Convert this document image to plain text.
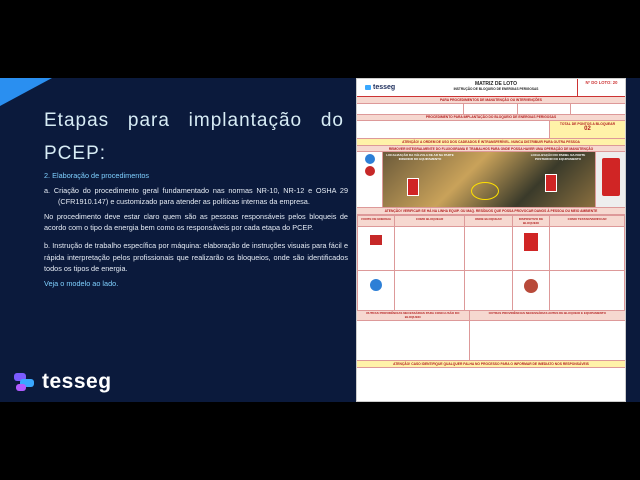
Etapas para implantação do PCEP:

2. Elaboração de procedimentos

a. Criação do procedimento geral fundamentado nas normas NR-10, NR-12 e OSHA 29 (CFR1910.147) e customizado para atender as políticas internas da empresa.

No procedimento deve estar claro quem são as pessoas responsáveis pelos bloqueis de acordo com o tipo da energia bem como os responsáveis por cada etapa do PCEP.

b. Instrução de trabalho específica por máquina: elaboração de instruções visuais para fácil e rápida interpretação pelos profissionais que realizarão os bloqueios, onde são identificados todos os tipos de energia.

Veja o modelo ao lado.

tesseg
tesseg	MATRIZ DE LOTO
INSTRUÇÃO DE BLOQUEIO DE ENERGIAS PERIGOSAS
Nº DO LOTO: 20
PARA PROCEDIMENTOS DE MANUTENÇÃO OU INTERVENÇÕES
PROCEDIMENTO PARA IMPLANTAÇÃO DO BLOQUEIO DE ENERGIAS PERIGOSAS
TOTAL DE PONTOS A BLOQUEAR
02
ATENÇÃO! A ORDEM DE USO DOS CADEADOS É INTRANSFERÍVEL. NUNCA DISTRIBUIR PARA OUTRA PESSOA
REMOVER INTEGRALMENTE DO FLUXOGRAMA E TRABALHOS PARA ONDE POSSA HAVER UMA OPERAÇÃO DE MANUTENÇÃO
LOCALIZAÇÃO DA VÁLVULA DE AR NA PARTE INFERIOR DO EQUIPAMENTO
LOCALIZAÇÃO DO PAINEL NA PARTE POSTERIOR DO EQUIPAMENTO
ATENÇÃO! VERIFICAR SE HÁ NA LINHA EQUIP. OU MAQ. RESÍDUOS QUE POSSA PROVOCAR DANOS À PESSOA OU MEIO AMBIENTE
FONTE DE ENERGIA	COMO BLOQUEAR	ONDE BLOQUEAR	DISPOSITIVO DE BLOQUEIO	COMO TESTAR/VERIFICAR

OUTRAS PROVIDÊNCIAS NECESSÁRIAS PARA CONCLUSÃO DO BLOQUEIO
OUTRAS PROVIDÊNCIAS NECESSÁRIAS ANTES DE BLOQUEIO E EQUIPAMENTO
ATENÇÃO! CASO IDENTIFIQUE QUALQUER FALHA NO PROCESSO PARA O INFORMAR DE IMEDIATO NOS RESPONSÁVEIS
